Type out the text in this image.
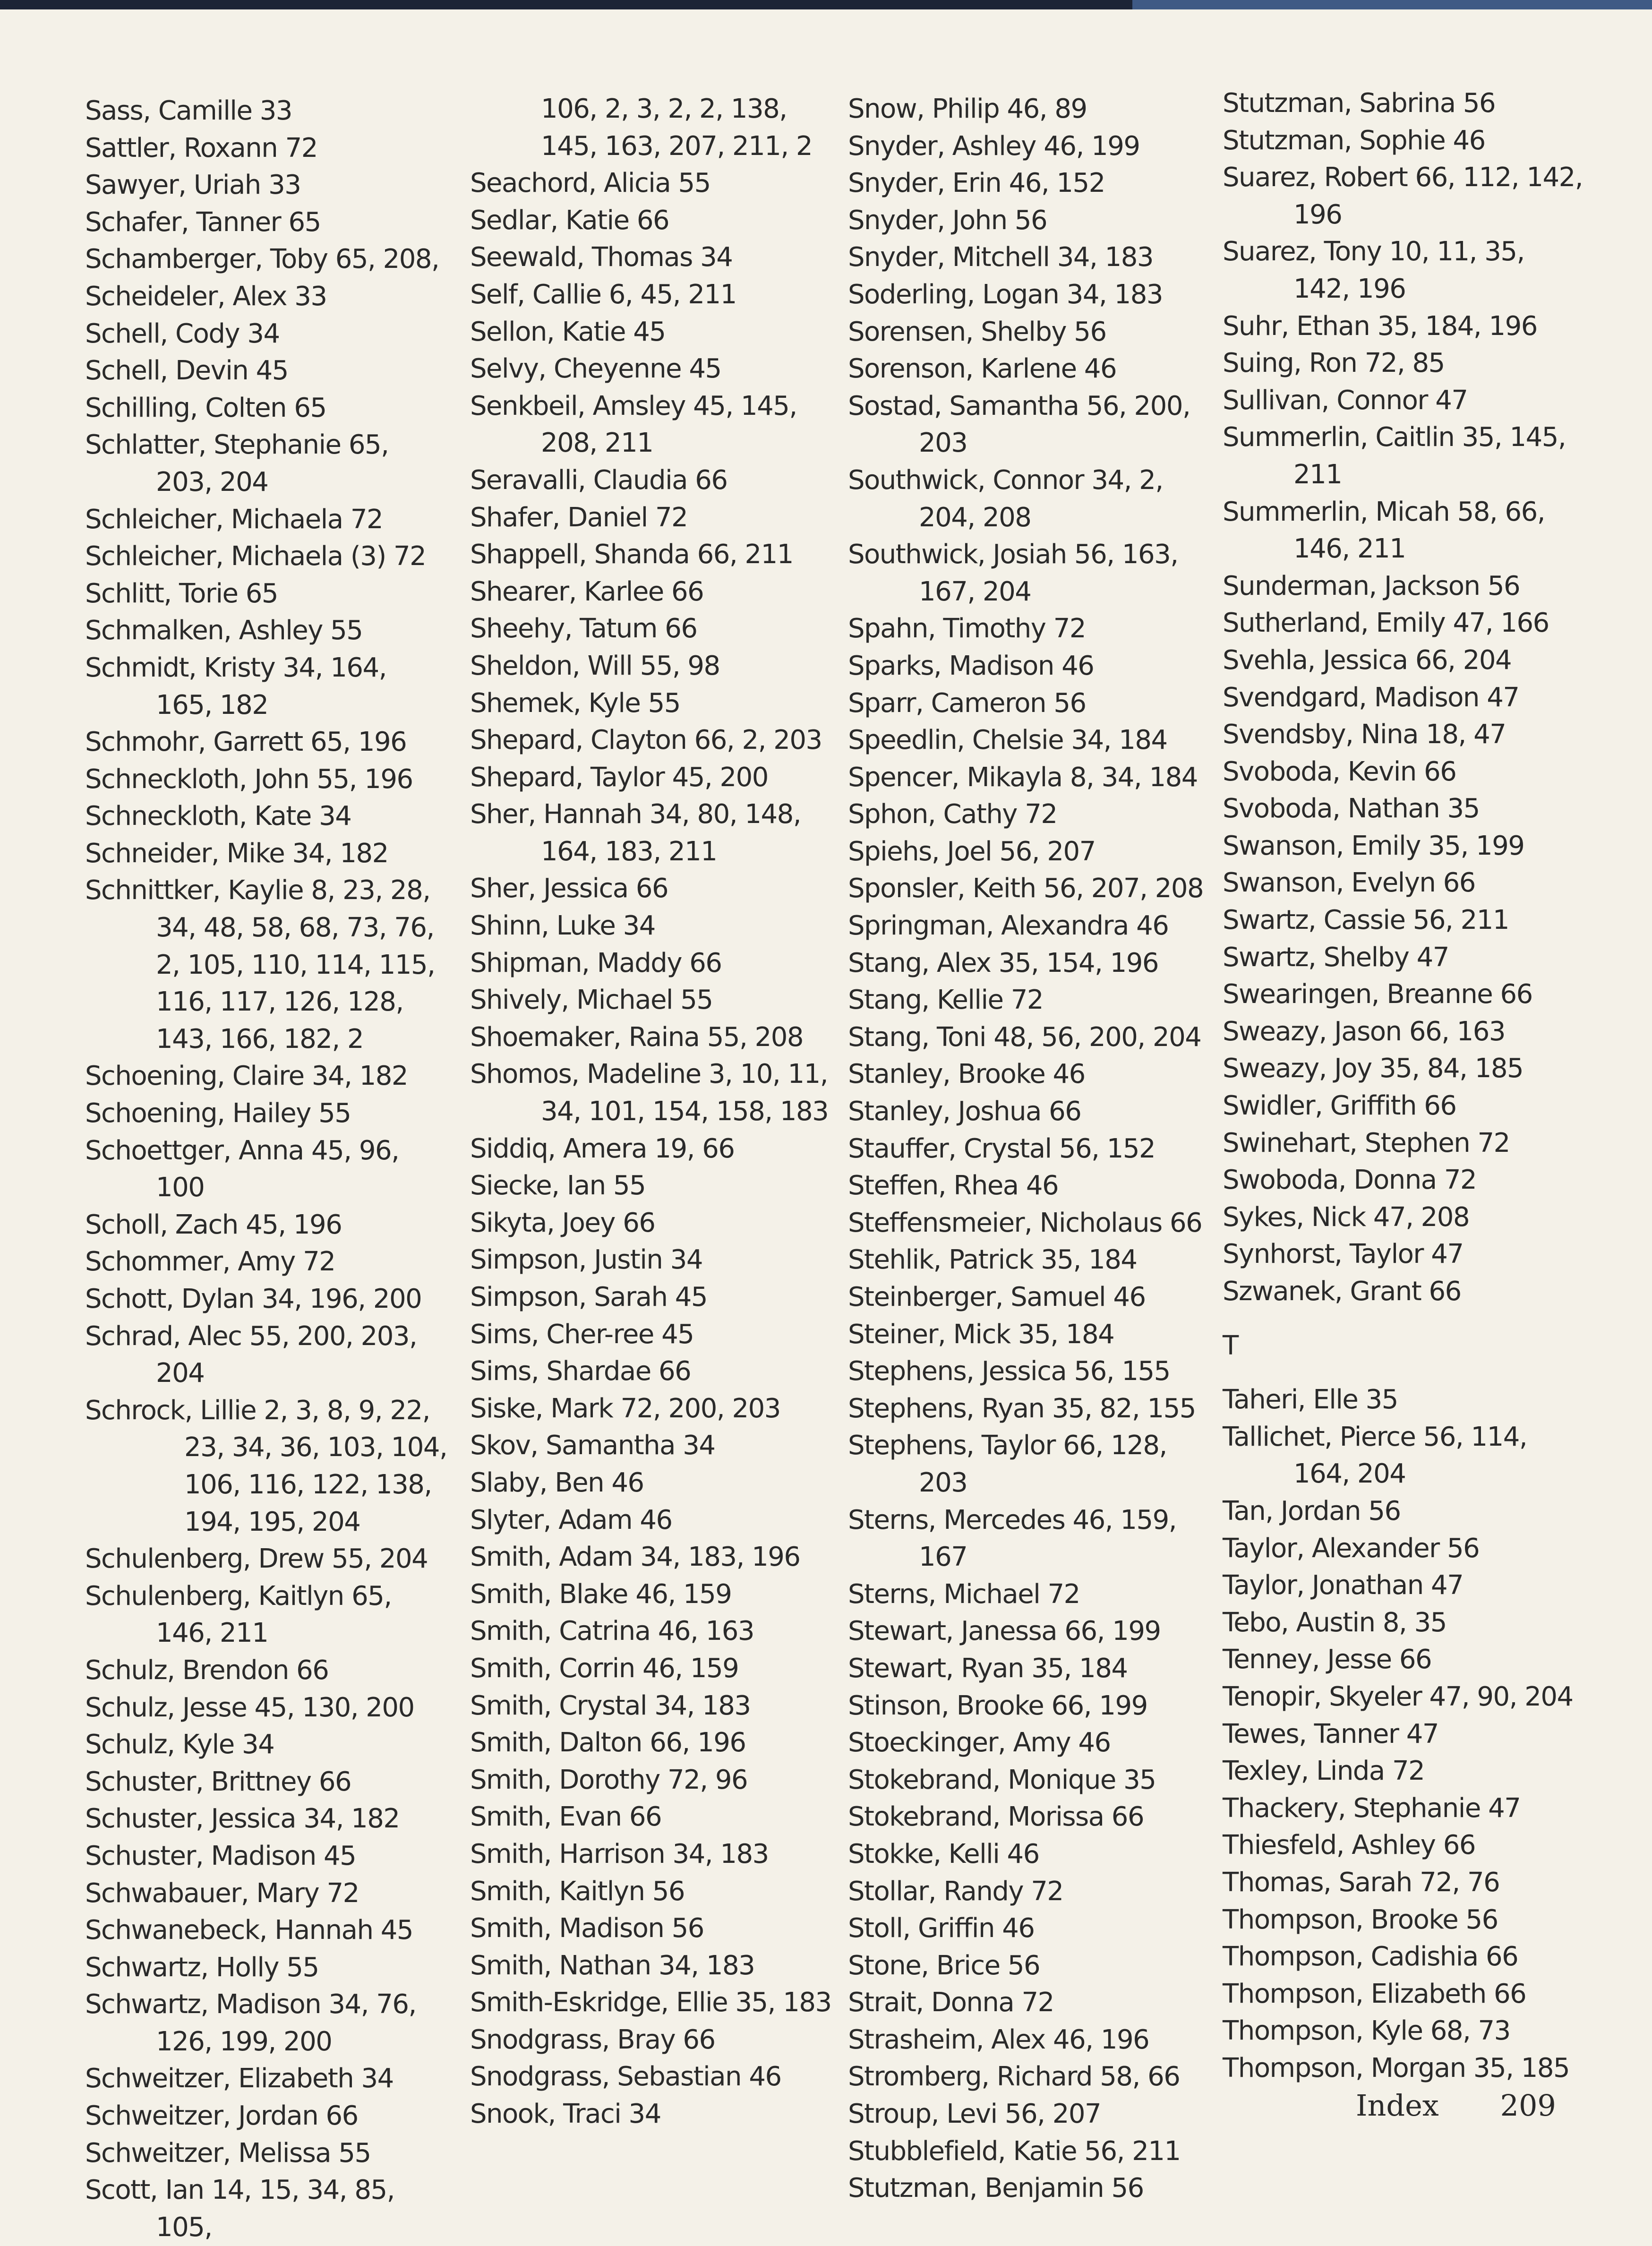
Sass, Camille 33
Sattler, Roxann 72
Sawyer, Uriah 33
Schafer, Tanner 65
Schamberger, Toby 65, 208,
Scheideler, Alex 33
Schell, Cody 34
Schell, Devin 45
Schilling, Colten 65
Schlatter, Stephanie 65, 203, 204
Schleicher, Michaela 72
Schleicher, Michaela (3) 72
Schlitt, Torie 65
Schmalken, Ashley 55
Schmidt, Kristy 34, 164, 165, 182
Schmohr, Garrett 65, 196
Schneckloth, John 55, 196
Schneckloth, Kate 34
Schneider, Mike 34, 182
Schnittker, Kaylie 8, 23, 28, 34, 48, 58, 68, 73, 76, 2, 105, 110, 114, 115, 116, 117, 126, 128, 143, 166, 182, 2
Schoening, Claire 34, 182
Schoening, Hailey 55
Schoettger, Anna 45, 96, 100
Scholl, Zach 45, 196
Schommer, Amy 72
Schott, Dylan 34, 196, 200
Schrad, Alec 55, 200, 203, 204
Schrock, Lillie 2, 3, 8, 9, 22, 23, 34, 36, 103, 104, 106, 116, 122, 138, 194, 195, 204
Schulenberg, Drew 55, 204
Schulenberg, Kaitlyn 65, 146, 211
Schulz, Brendon 66
Schulz, Jesse 45, 130, 200
Schulz, Kyle 34
Schuster, Brittney 66
Schuster, Jessica 34, 182
Schuster, Madison 45
Schwabauer, Mary 72
Schwanebeck, Hannah 45
Schwartz, Holly 55
Schwartz, Madison 34, 76, 126, 199, 200
Schweitzer, Elizabeth 34
Schweitzer, Jordan 66
Schweitzer, Melissa 55
Scott, Ian 14, 15, 34, 85, 105,
106, 2, 3, 2, 2, 138, 145, 163, 207, 211, 2
Seachord, Alicia 55
Sedlar, Katie 66
Seewald, Thomas 34
Self, Callie 6, 45, 211
Sellon, Katie 45
Selvy, Cheyenne 45
Senkbeil, Amsley 45, 145, 208, 211
Seravalli, Claudia 66
Shafer, Daniel 72
Shappell, Shanda 66, 211
Shearer, Karlee 66
Sheehy, Tatum 66
Sheldon, Will 55, 98
Shemek, Kyle 55
Shepard, Clayton 66, 2, 203
Shepard, Taylor 45, 200
Sher, Hannah 34, 80, 148, 164, 183, 211
Sher, Jessica 66
Shinn, Luke 34
Shipman, Maddy 66
Shively, Michael 55
Shoemaker, Raina 55, 208
Shomos, Madeline 3, 10, 11, 34, 101, 154, 158, 183
Siddiq, Amera 19, 66
Siecke, Ian 55
Sikyta, Joey 66
Simpson, Justin 34
Simpson, Sarah 45
Sims, Cher-ree 45
Sims, Shardae 66
Siske, Mark 72, 200, 203
Skov, Samantha 34
Slaby, Ben 46
Slyter, Adam 46
Smith, Adam 34, 183, 196
Smith, Blake 46, 159
Smith, Catrina 46, 163
Smith, Corrin 46, 159
Smith, Crystal 34, 183
Smith, Dalton 66, 196
Smith, Dorothy 72, 96
Smith, Evan 66
Smith, Harrison 34, 183
Smith, Kaitlyn 56
Smith, Madison 56
Smith, Nathan 34, 183
Smith-Eskridge, Ellie 35, 183
Snodgrass, Bray 66
Snodgrass, Sebastian 46
Snook, Traci 34
Snow, Philip 46, 89
Snyder, Ashley 46, 199
Snyder, Erin 46, 152
Snyder, John 56
Snyder, Mitchell 34, 183
Soderling, Logan 34, 183
Sorensen, Shelby 56
Sorenson, Karlene 46
Sostad, Samantha 56, 200, 203
Southwick, Connor 34, 2, 204, 208
Southwick, Josiah 56, 163, 167, 204
Spahn, Timothy 72
Sparks, Madison 46
Sparr, Cameron 56
Speedlin, Chelsie 34, 184
Spencer, Mikayla 8, 34, 184
Sphon, Cathy 72
Spiehs, Joel 56, 207
Sponsler, Keith 56, 207, 208
Springman, Alexandra 46
Stang, Alex 35, 154, 196
Stang, Kellie 72
Stang, Toni 48, 56, 200, 204
Stanley, Brooke 46
Stanley, Joshua 66
Stauffer, Crystal 56, 152
Steffen, Rhea 46
Steffensmeier, Nicholaus 66
Stehlik, Patrick 35, 184
Steinberger, Samuel 46
Steiner, Mick 35, 184
Stephens, Jessica 56, 155
Stephens, Ryan 35, 82, 155
Stephens, Taylor 66, 128, 203
Sterns, Mercedes 46, 159, 167
Sterns, Michael 72
Stewart, Janessa 66, 199
Stewart, Ryan 35, 184
Stinson, Brooke 66, 199
Stoeckinger, Amy 46
Stokebrand, Monique 35
Stokebrand, Morissa 66
Stokke, Kelli 46
Stollar, Randy 72
Stoll, Griffin 46
Stone, Brice 56
Strait, Donna 72
Strasheim, Alex 46, 196
Stromberg, Richard 58, 66
Stroup, Levi 56, 207
Stubblefield, Katie 56, 211
Stutzman, Benjamin 56
Stutzman, Sabrina 56
Stutzman, Sophie 46
Suarez, Robert 66, 112, 142, 196
Suarez, Tony 10, 11, 35, 142, 196
Suhr, Ethan 35, 184, 196
Suing, Ron 72, 85
Sullivan, Connor 47
Summerlin, Caitlin 35, 145, 211
Summerlin, Micah 58, 66, 146, 211
Sunderman, Jackson 56
Sutherland, Emily 47, 166
Svehla, Jessica 66, 204
Svendgard, Madison 47
Svendsby, Nina 18, 47
Svoboda, Kevin 66
Svoboda, Nathan 35
Swanson, Emily 35, 199
Swanson, Evelyn 66
Swartz, Cassie 56, 211
Swartz, Shelby 47
Swearingen, Breanne 66
Sweazy, Jason 66, 163
Sweazy, Joy 35, 84, 185
Swidler, Griffith 66
Swinehart, Stephen 72
Swoboda, Donna 72
Sykes, Nick 47, 208
Synhorst, Taylor 47
Szwanek, Grant 66
T
Taheri, Elle 35
Tallichet, Pierce 56, 114, 164, 204
Tan, Jordan 56
Taylor, Alexander 56
Taylor, Jonathan 47
Tebo, Austin 8, 35
Tenney, Jesse 66
Tenopir, Skyeler 47, 90, 204
Tewes, Tanner 47
Texley, Linda 72
Thackery, Stephanie 47
Thiesfeld, Ashley 66
Thomas, Sarah 72, 76
Thompson, Brooke 56
Thompson, Cadishia 66
Thompson, Elizabeth 66
Thompson, Kyle 68, 73
Thompson, Morgan 35, 185
Index 209
